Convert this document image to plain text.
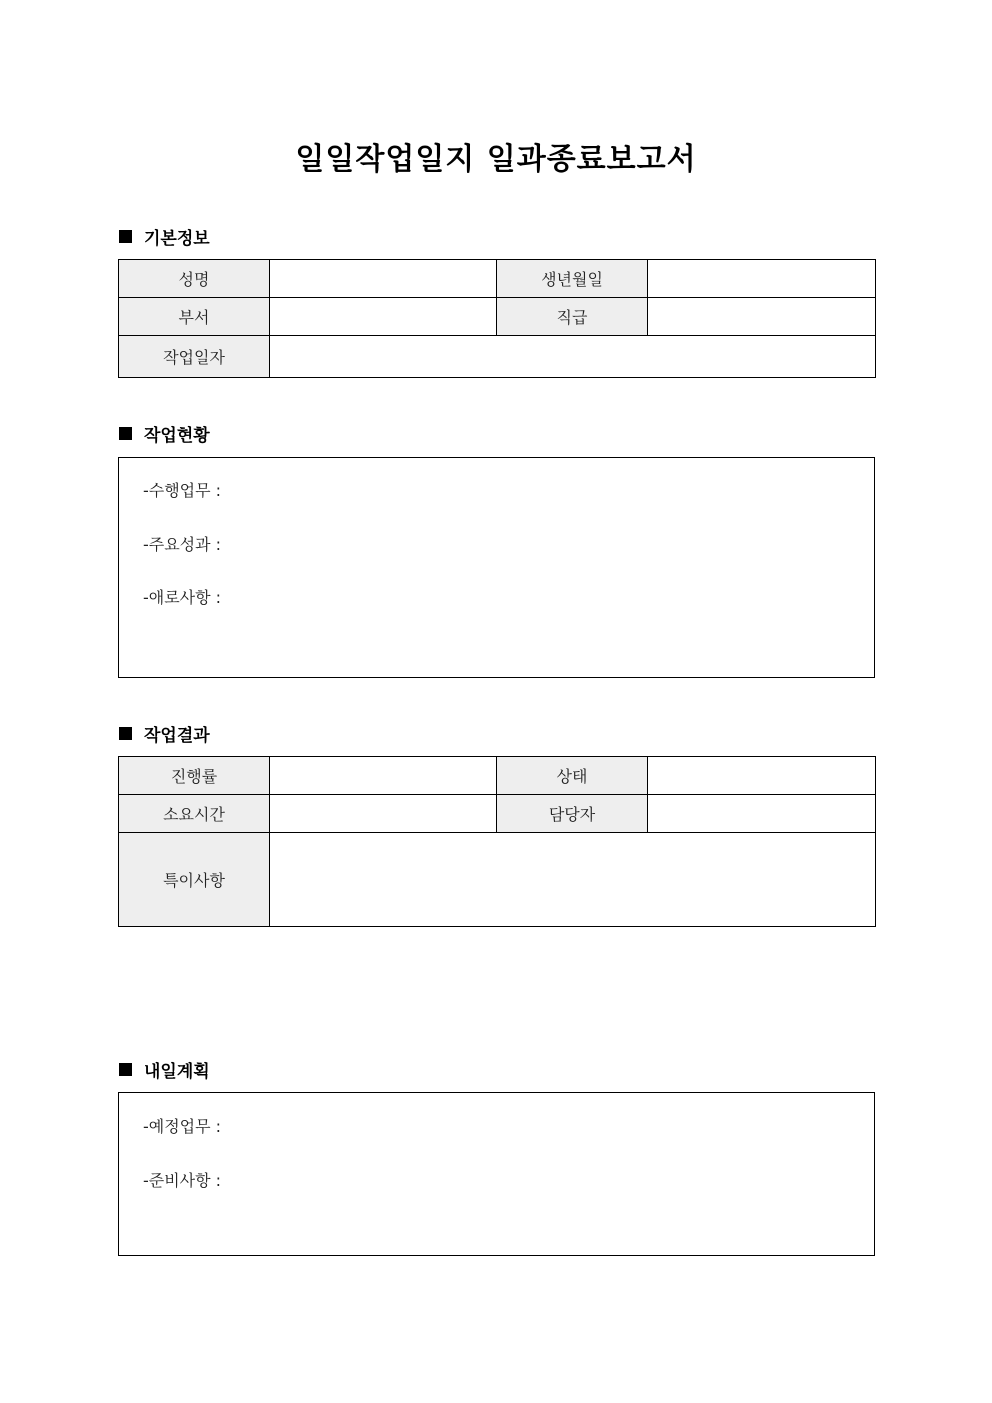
일일작업일지 일과종료보고서
기본정보
성명		생년월일	
부서		직급	
작업일자			
작업현황
-수행업무 :
-주요성과 :
-애로사항 :
작업결과
진행률		상태	
소요시간		담당자	
특이사항			
내일계획
-예정업무 :
-준비사항 :
